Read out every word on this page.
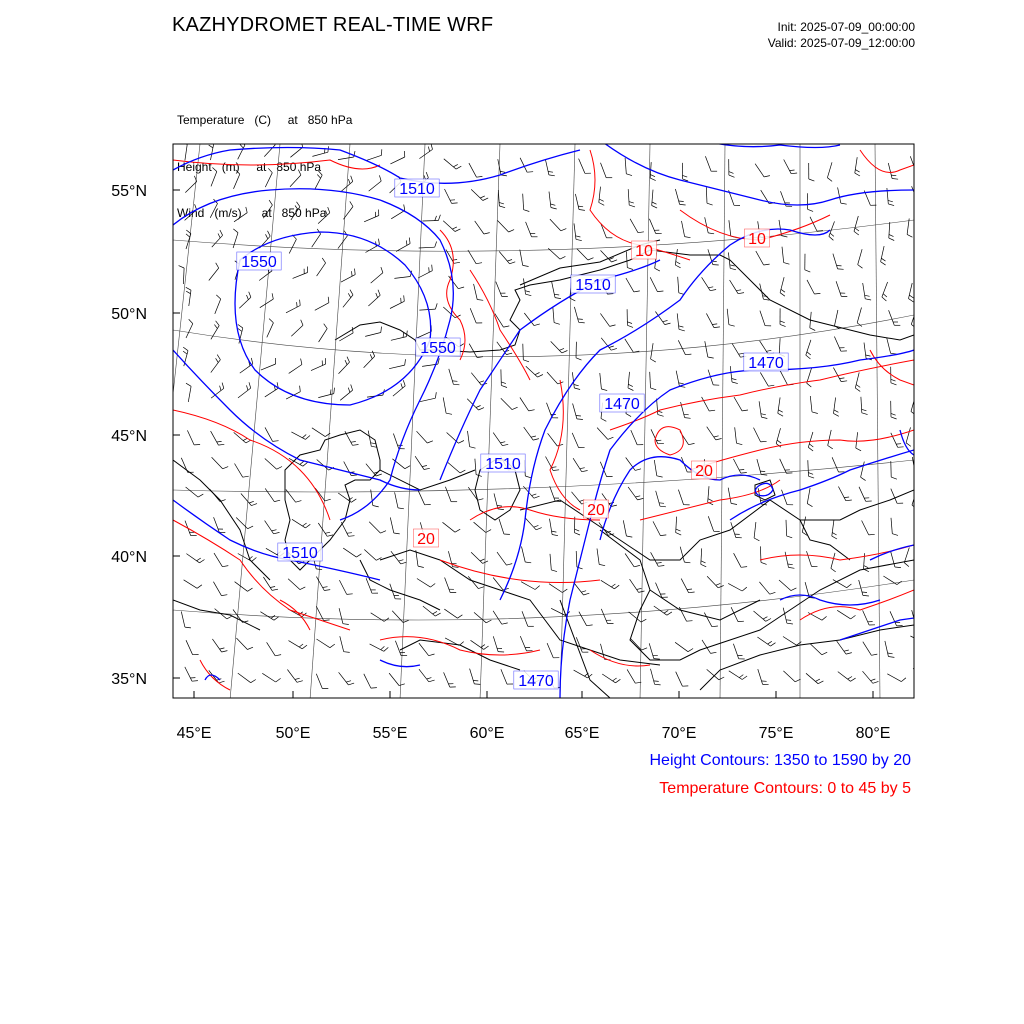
KAZHYDROMET REAL-TIME WRF	Init: 2025-07-09_00:00:00
Valid: 2025-07-09_12:00:00

Temperature   (C)     at   850 hPa

Height   (m)     at   850 hPa

Wind   (m/s)      at   850 hPa

55°N
50°N
45°N
40°N
35°N
45°E	50°E	55°E	60°E	65°E	70°E	75°E	80°E
1510
1550
1510
1550
1470
1470
1510
1510
1470
10
10
20
20
20
Height Contours: 1350 to 1590 by 20
Temperature Contours: 0 to 45 by 5
